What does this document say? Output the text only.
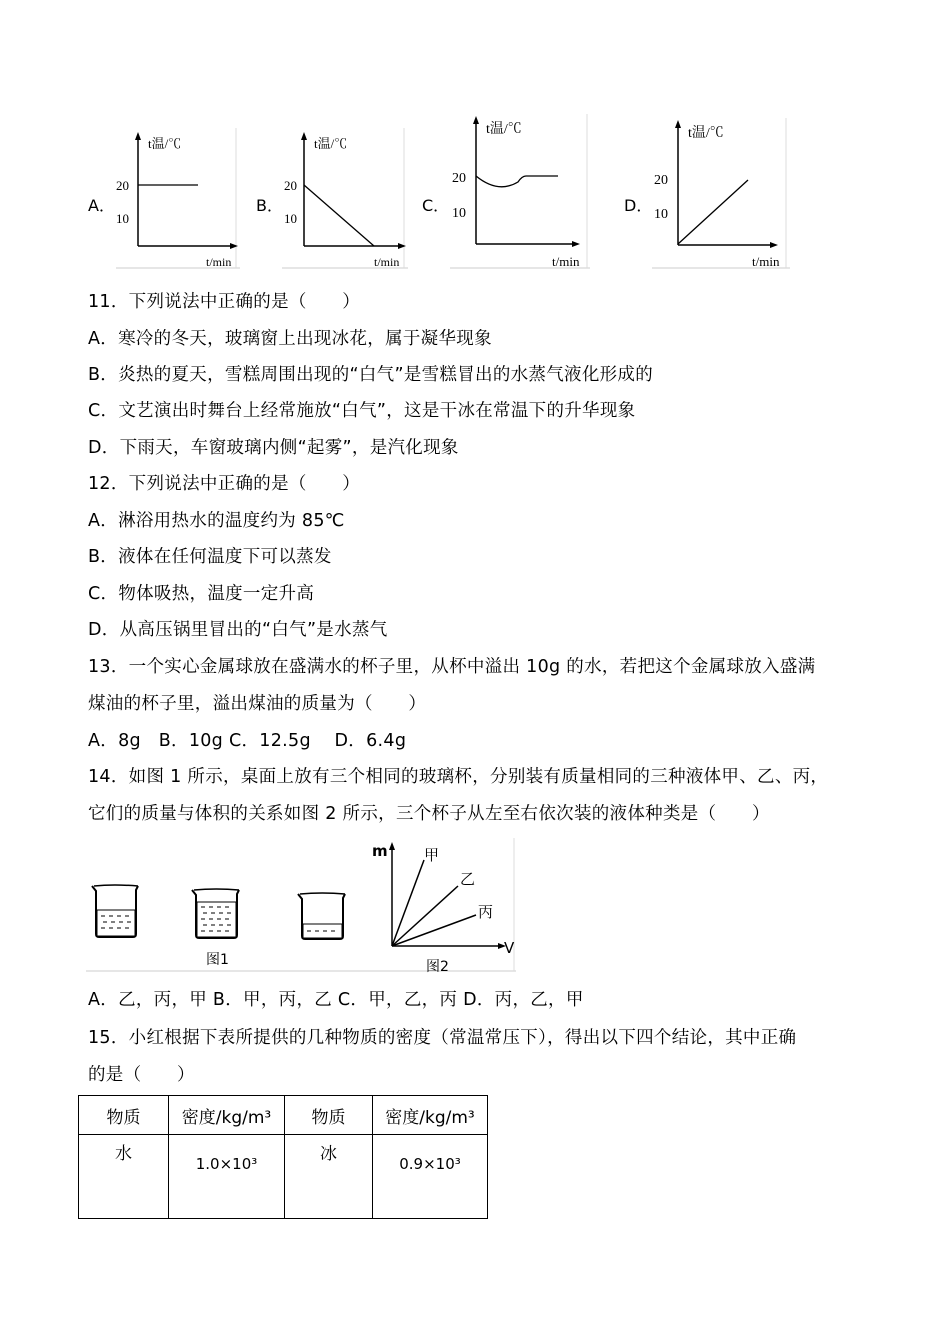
A．	B．	C．	D．
t温/℃
20
10
t/min
t温/℃
20
10
t/min
t温/℃
20
10
t/min
t温/℃
20
10
t/min
11．下列说法中正确的是（　　）
A．寒冷的冬天，玻璃窗上出现冰花，属于凝华现象
B．炎热的夏天，雪糕周围出现的“白气”是雪糕冒出的水蒸气液化形成的
C．文艺演出时舞台上经常施放“白气”，这是干冰在常温下的升华现象
D．下雨天，车窗玻璃内侧“起雾”，是汽化现象
12．下列说法中正确的是（　　）
A．淋浴用热水的温度约为 85℃
B．液体在任何温度下可以蒸发
C．物体吸热，温度一定升高
D．从高压锅里冒出的“白气”是水蒸气
13．一个实心金属球放在盛满水的杯子里，从杯中溢出 10g 的水，若把这个金属球放入盛满
煤油的杯子里，溢出煤油的质量为（　　）
A．8g　B．10g C．12.5g　 D．6.4g
14．如图 1 所示，桌面上放有三个相同的玻璃杯，分别装有质量相同的三种液体甲、乙、丙，
它们的质量与体积的关系如图 2 所示，三个杯子从左至右依次装的液体种类是（　　）
图1
m
V
甲
乙
丙
图2
A．乙，丙，甲 B．甲，丙，乙 C．甲，乙，丙 D．丙，乙，甲
15．小红根据下表所提供的几种物质的密度（常温常压下），得出以下四个结论，其中正确
的是（　　）
物质	密度/kg/m³	物质	密度/kg/m³
水	1.0×10³	冰	0.9×10³
